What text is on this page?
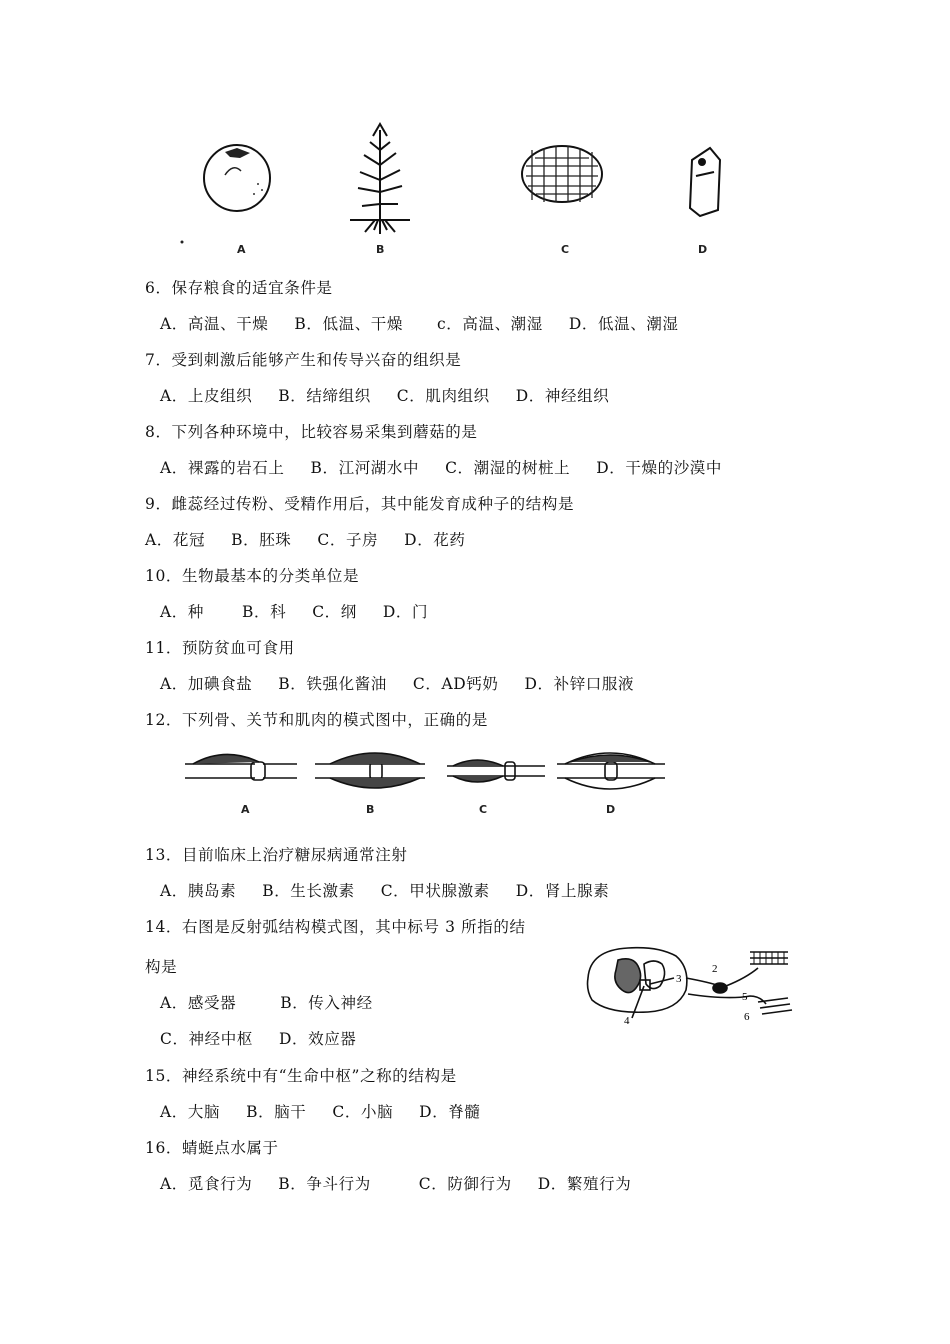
A	B	C	D
6．保存粮食的适宜条件是
A．高温、干燥 B．低温、干燥 c．高温、潮湿 D．低温、潮湿
7．受到刺激后能够产生和传导兴奋的组织是
A．上皮组织 B．结缔组织 C．肌肉组织 D．神经组织
8．下列各种环境中，比较容易采集到蘑菇的是
A．裸露的岩石上 B．江河湖水中 C．潮湿的树桩上 D．干燥的沙漠中
9．雌蕊经过传粉、受精作用后，其中能发育成种子的结构是
A．花冠 B．胚珠 C．子房 D．花药
10．生物最基本的分类单位是
A．种 B．科 C．纲 D．门
11．预防贫血可食用
A．加碘食盐 B．铁强化酱油 C．AD钙奶 D．补锌口服液
12．下列骨、关节和肌肉的模式图中，正确的是
A	B	C	D
13．目前临床上治疗糖尿病通常注射
A．胰岛素 B．生长激素 C．甲状腺激素 D．肾上腺素
14．右图是反射弧结构模式图，其中标号 3 所指的结
构是
A．感受器	B．传入神经
C．神经中枢 D．效应器
2
3
4
5
6
15．神经系统中有“生命中枢”之称的结构是
A．大脑 B．脑干 C．小脑 D．脊髓
16．蜻蜓点水属于
A．觅食行为 B．争斗行为	C．防御行为 D．繁殖行为
